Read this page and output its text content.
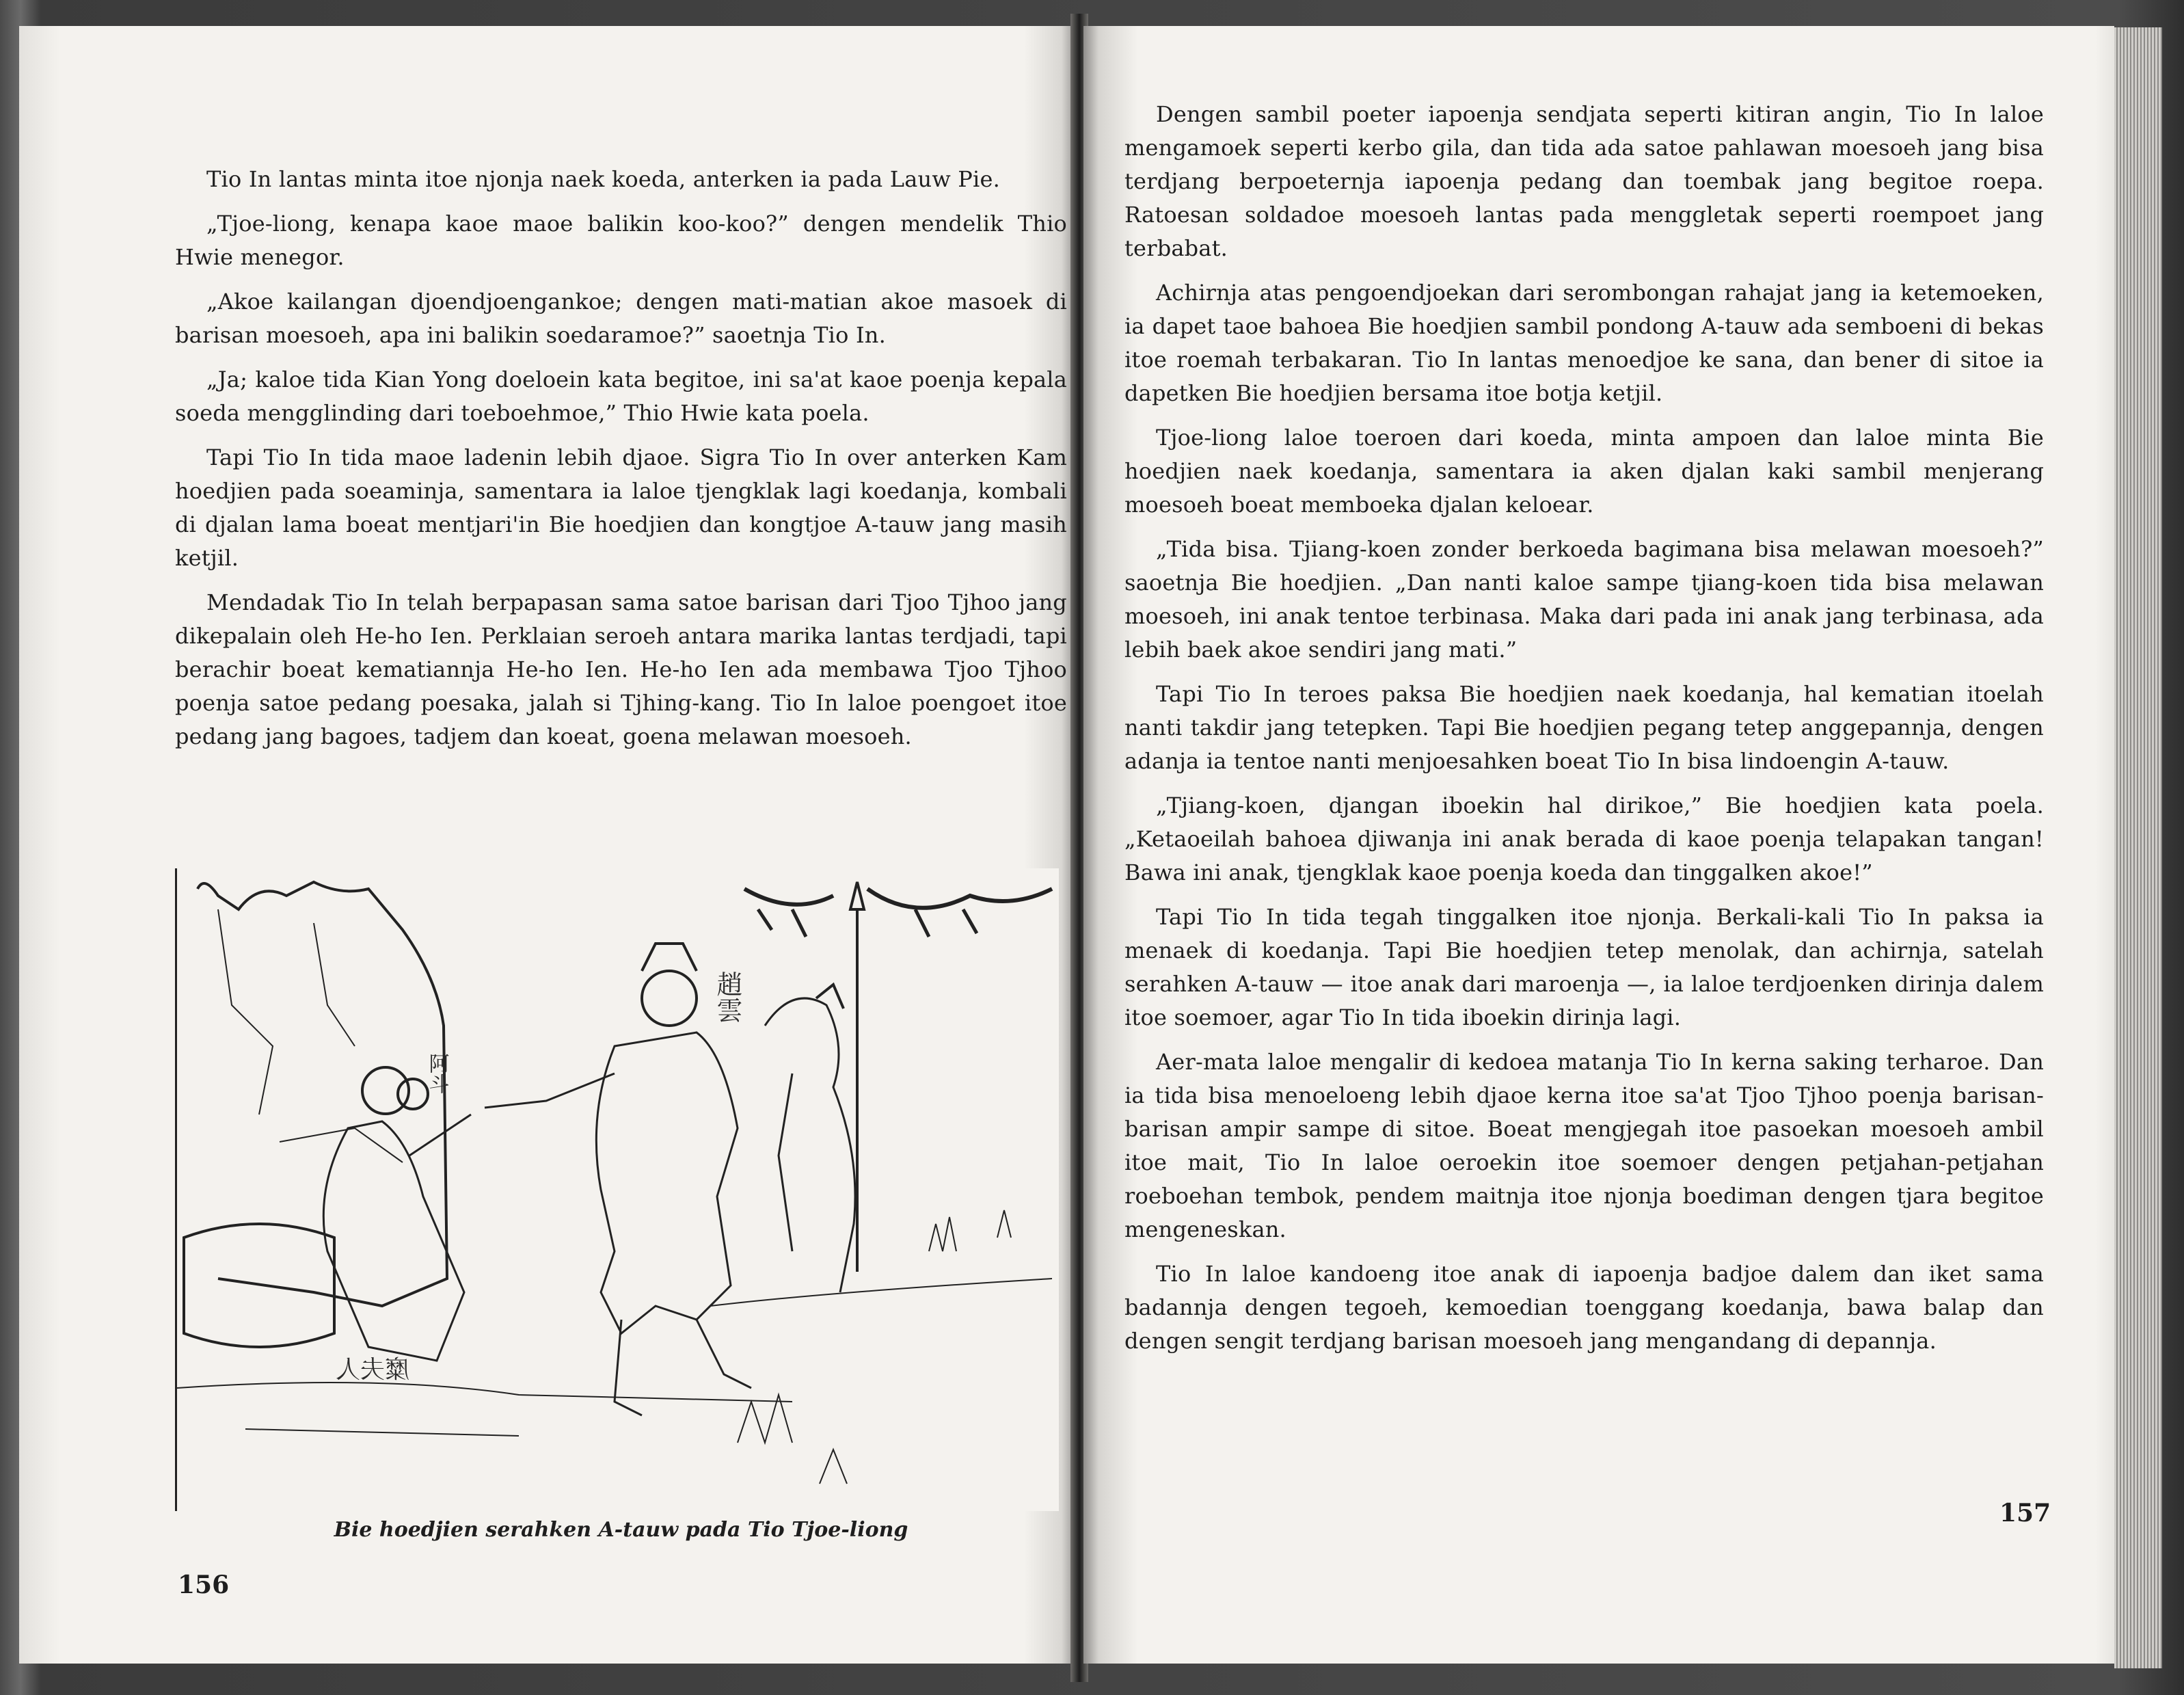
Tio In lantas minta itoe njonja naek koeda, anterken ia pada Lauw Pie.

„Tjoe-liong, kenapa kaoe maoe balikin koo-koo?” dengen mendelik Thio Hwie menegor.

„Akoe kailangan djoendjoengankoe; dengen mati-matian akoe masoek di barisan moesoeh, apa ini balikin soedaramoe?” saoetnja Tio In.

„Ja; kaloe tida Kian Yong doeloein kata begitoe, ini sa'at kaoe poenja kepala soeda mengglinding dari toeboehmoe,” Thio Hwie kata poela.

Tapi Tio In tida maoe ladenin lebih djaoe. Sigra Tio In over anterken Kam hoedjien pada soeaminja, samentara ia laloe tjengklak lagi koedanja, kombali di djalan lama boeat mentjari'in Bie hoedjien dan kongtjoe A-tauw jang masih ketjil.

Mendadak Tio In telah berpapasan sama satoe barisan dari Tjoo Tjhoo jang dikepalain oleh He-ho Ien. Perklaian seroeh antara marika lantas terdjadi, tapi berachir boeat kematiannja He-ho Ien. He-ho Ien ada membawa Tjoo Tjhoo poenja satoe pedang poesaka, jalah si Tjhing-kang. Tio In laloe poengoet itoe pedang jang bagoes, tadjem dan koeat, goena melawan moesoeh.

趙雲
阿斗
糜夫人
Bie hoedjien serahken A-tauw pada Tio Tjoe-liong
156

Dengen sambil poeter iapoenja sendjata seperti kitiran angin, Tio In laloe mengamoek seperti kerbo gila, dan tida ada satoe pahlawan moesoeh jang bisa terdjang berpoeternja iapoenja pedang dan toembak jang begitoe roepa. Ratoesan soldadoe moesoeh lantas pada menggletak seperti roempoet jang terbabat.

Achirnja atas pengoendjoekan dari serombongan rahajat jang ia ketemoeken, ia dapet taoe bahoea Bie hoedjien sambil pondong A-tauw ada semboeni di bekas itoe roemah terbakaran. Tio In lantas menoedjoe ke sana, dan bener di sitoe ia dapetken Bie hoedjien bersama itoe botja ketjil.

Tjoe-liong laloe toeroen dari koeda, minta ampoen dan laloe minta Bie hoedjien naek koedanja, samentara ia aken djalan kaki sambil menjerang moesoeh boeat memboeka djalan keloear.

„Tida bisa. Tjiang-koen zonder berkoeda bagimana bisa melawan moesoeh?” saoetnja Bie hoedjien. „Dan nanti kaloe sampe tjiang-koen tida bisa melawan moesoeh, ini anak tentoe terbinasa. Maka dari pada ini anak jang terbinasa, ada lebih baek akoe sendiri jang mati.”

Tapi Tio In teroes paksa Bie hoedjien naek koedanja, hal kematian itoelah nanti takdir jang tetepken. Tapi Bie hoedjien pegang tetep anggepannja, dengen adanja ia tentoe nanti menjoesahken boeat Tio In bisa lindoengin A-tauw.

„Tjiang-koen, djangan iboekin hal dirikoe,” Bie hoedjien kata poela. „Ketaoeilah bahoea djiwanja ini anak berada di kaoe poenja telapakan tangan! Bawa ini anak, tjengklak kaoe poenja koeda dan tinggalken akoe!”

Tapi Tio In tida tegah tinggalken itoe njonja. Berkali-kali Tio In paksa ia menaek di koedanja. Tapi Bie hoedjien tetep menolak, dan achirnja, satelah serahken A-tauw — itoe anak dari maroenja —, ia laloe terdjoenken dirinja dalem itoe soemoer, agar Tio In tida iboekin dirinja lagi.

Aer-mata laloe mengalir di kedoea matanja Tio In kerna saking terharoe. Dan ia tida bisa menoeloeng lebih djaoe kerna itoe sa'at Tjoo Tjhoo poenja barisan-barisan ampir sampe di sitoe. Boeat mengjegah itoe pasoekan moesoeh ambil itoe mait, Tio In laloe oeroekin itoe soemoer dengen petjahan-petjahan roeboehan tembok, pendem maitnja itoe njonja boediman dengen tjara begitoe mengeneskan.

Tio In laloe kandoeng itoe anak di iapoenja badjoe dalem dan iket sama badannja dengen tegoeh, kemoedian toenggang koedanja, bawa balap dan dengen sengit terdjang barisan moesoeh jang mengandang di depannja.

157
